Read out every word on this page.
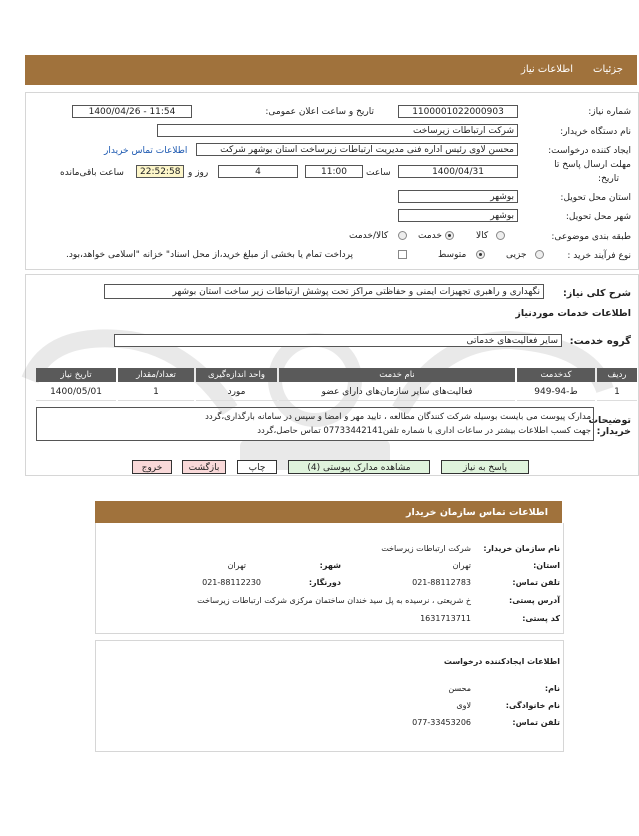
جزئیات
اطلاعات نیاز
شماره نیاز:
1100001022000903
تاریخ و ساعت اعلان عمومی:
1400/04/26 - 11:54
نام دستگاه خریدار:
شرکت ارتباطات زیرساخت
ایجاد کننده درخواست:
محسن لاوی رئیس اداره فنی مدیریت ارتباطات زیرساخت استان بوشهر شرکت
اطلاعات تماس خریدار
مهلت ارسال پاسخ تا
تاریخ:
1400/04/31
ساعت
11:00
4
روز و
22:52:58
ساعت باقی‌مانده
استان محل تحویل:
بوشهر
شهر محل تحویل:
بوشهر
طبقه بندی موضوعی:
کالا
خدمت
کالا/خدمت
نوع فرآیند خرید :
جزیی
متوسط
پرداخت تمام یا بخشی از مبلغ خرید،از محل اسناد" خزانه "اسلامی خواهد،بود.
شرح کلی نیاز:
نگهداری و راهبری تجهیزات ایمنی و حفاظتی مراکز تحت پوشش ارتباطات زیر ساخت استان بوشهر
اطلاعات خدمات موردنیاز
گروه خدمت:
سایر فعالیت‌های خدماتی
ردیف
کدخدمت
نام خدمت
واحد اندازه‌گیری
تعداد/مقدار
تاریخ نیاز
1
ط-94-949
فعالیت‌های سایر سازمان‌های دارای عضو
مورد
1
1400/05/01
توضیحات خریدار:
مدارک پیوست می بایست بوسیله شرکت کنندگان مطالعه ، تایید مهر و امضا و سپس در سامانه بارگذاری،گردد
جهت کسب اطلاعات بیشتر در ساعات اداری با شماره تلفن07733442141 تماس حاصل،گردد
پاسخ به نیاز
مشاهده مدارک پیوستی (4)
چاپ
بازگشت
خروج
اطلاعات تماس سازمان خریدار
نام سازمان خریدار:
شرکت ارتباطات زیرساخت
استان:
تهران
شهر:
تهران
تلفن تماس:
021-88112783
دورنگار:
021-88112230
آدرس پستی:
خ شریعتی ، نرسیده به پل سید خندان ساختمان مرکزی شرکت ارتباطات زیرساخت
کد پستی:
1631713711
اطلاعات ایجادکننده درخواست
نام:
محسن
نام خانوادگی:
لاوی
تلفن تماس:
077-33453206
